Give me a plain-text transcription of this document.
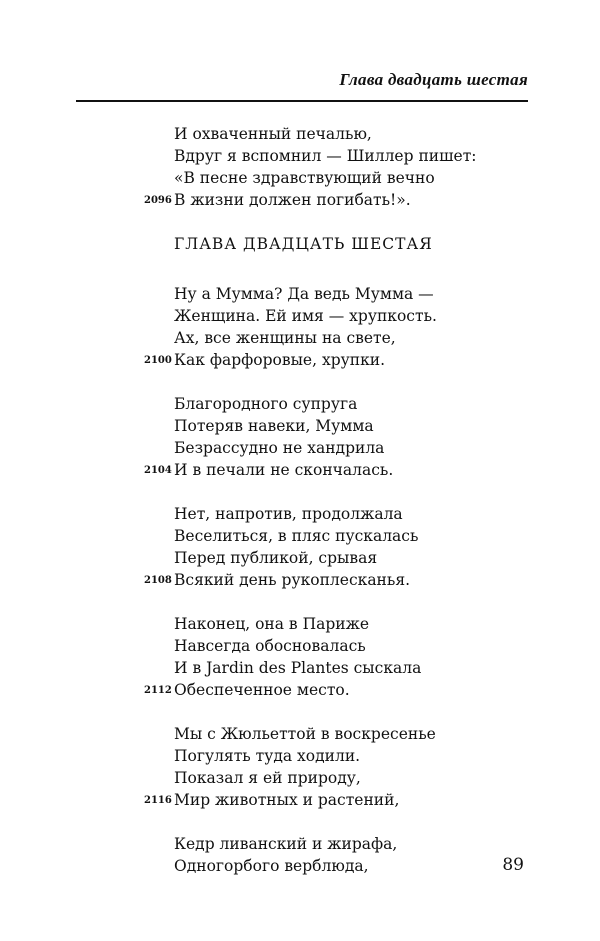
Глава двадцать шестая
И охваченный печалью,
Вдруг я вспомнил — Шиллер пишет:
«В песне здравствующий вечно
2096 В жизни должен погибать!».
ГЛАВА ДВАДЦАТЬ ШЕСТАЯ
Ну а Мумма? Да ведь Мумма —
Женщина. Ей имя — хрупкость.
Ах, все женщины на свете,
2100 Как фарфоровые, хрупки.
Благородного супруга
Потеряв навеки, Мумма
Безрассудно не хандрила
2104 И в печали не скончалась.
Нет, напротив, продолжала
Веселиться, в пляс пускалась
Перед публикой, срывая
2108 Всякий день рукоплесканья.
Наконец, она в Париже
Навсегда обосновалась
И в Jardin des Plantes сыскала
2112 Обеспеченное место.
Мы с Жюльеттой в воскресенье
Погулять туда ходили.
Показал я ей природу,
2116 Мир животных и растений,
Кедр ливанский и жирафа,
Одногорбого верблюда,	89
